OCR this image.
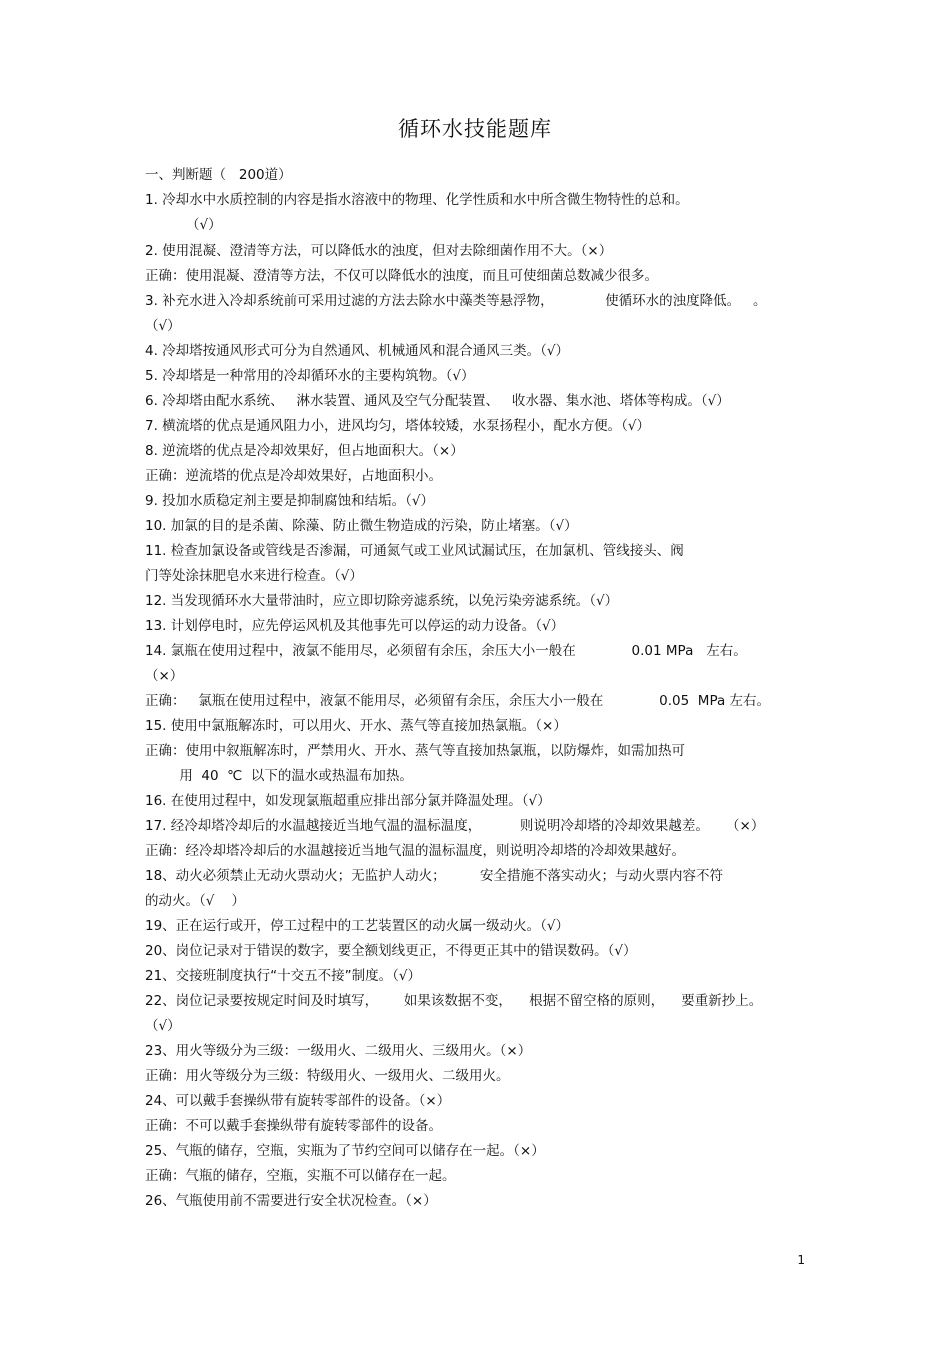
循环水技能题库

一、判断题（   200道）

1. 冷却水中水质控制的内容是指水溶液中的物理、化学性质和水中所含微生物特性的总和。

（√）

2. 使用混凝、澄清等方法，可以降低水的浊度，但对去除细菌作用不大。（×）

正确：使用混凝、澄清等方法，不仅可以降低水的浊度，而且可使细菌总数减少很多。

3. 补充水进入冷却系统前可采用过滤的方法去除水中藻类等悬浮物，            使循环水的浊度降低。   。

（√）

4. 冷却塔按通风形式可分为自然通风、机械通风和混合通风三类。（√）

5. 冷却塔是一种常用的冷却循环水的主要构筑物。（√）

6. 冷却塔由配水系统、   淋水装置、通风及空气分配装置、   收水器、集水池、塔体等构成。（√）

7. 横流塔的优点是通风阻力小，进风均匀，塔体较矮，水泵扬程小，配水方便。（√）

8. 逆流塔的优点是冷却效果好，但占地面积大。（×）

正确：逆流塔的优点是冷却效果好，占地面积小。

9. 投加水质稳定剂主要是抑制腐蚀和结垢。（√）

10. 加氯的目的是杀菌、除藻、防止微生物造成的污染，防止堵塞。（√）

11. 检查加氯设备或管线是否渗漏，可通氮气或工业风试漏试压，在加氯机、管线接头、阀

门等处涂抹肥皂水来进行检查。（√）

12. 当发现循环水大量带油时，应立即切除旁滤系统，以免污染旁滤系统。（√）

13. 计划停电时，应先停运风机及其他事先可以停运的动力设备。（√）

14. 氯瓶在使用过程中，液氯不能用尽，必须留有余压，余压大小一般在             0.01 MPa   左右。

（×）

正确：   氯瓶在使用过程中，液氯不能用尽，必须留有余压，余压大小一般在             0.05  MPa 左右。

15. 使用中氯瓶解冻时，可以用火、开水、蒸气等直接加热氯瓶。（×）

正确：使用中叙瓶解冻时，严禁用火、开水、蒸气等直接加热氯瓶，以防爆炸，如需加热可

用  40  ℃  以下的温水或热温布加热。

16. 在使用过程中，如发现氯瓶超重应排出部分氯并降温处理。（√）

17. 经冷却塔冷却后的水温越接近当地气温的温标温度，         则说明冷却塔的冷却效果越差。    （×）

正确：经冷却塔冷却后的水温越接近当地气温的温标温度，则说明冷却塔的冷却效果越好。

18、动火必须禁止无动火票动火；无监护人动火；        安全措施不落实动火；与动火票内容不符

的动火。（√    ）

19、正在运行或开，停工过程中的工艺装置区的动火属一级动火。（√）

20、岗位记录对于错误的数字，要全额划线更正，不得更正其中的错误数码。（√）

21、交接班制度执行“十交五不接”制度。（√）

22、岗位记录要按规定时间及时填写，      如果该数据不变，    根据不留空格的原则，    要重新抄上。

（√）

23、用火等级分为三级：一级用火、二级用火、三级用火。（×）

正确：用火等级分为三级：特级用火、一级用火、二级用火。

24、可以戴手套操纵带有旋转零部件的设备。（×）

正确：不可以戴手套操纵带有旋转零部件的设备。

25、气瓶的储存，空瓶，实瓶为了节约空间可以储存在一起。（×）

正确：气瓶的储存，空瓶，实瓶不可以储存在一起。

26、气瓶使用前不需要进行安全状况检查。（×）

1
